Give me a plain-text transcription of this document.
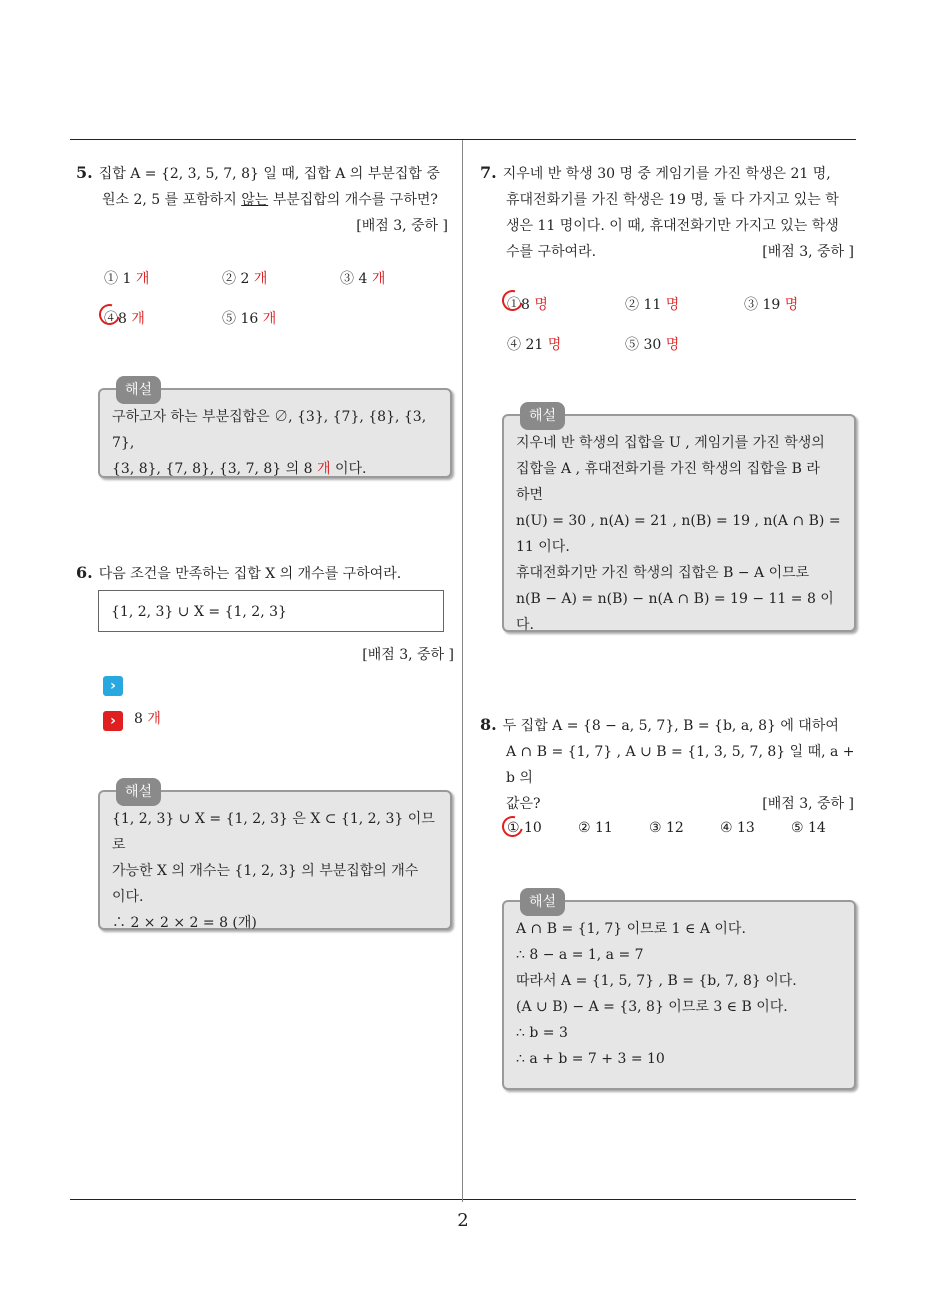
5. 집합 A = {2, 3, 5, 7, 8} 일 때, 집합 A 의 부분집합 중
원소 2, 5 를 포함하지 않는 부분집합의 개수를 구하면?
[배점 3, 중하 ]
① 1 개	② 2 개	③ 4 개
④8 개	⑤ 16 개
해설
구하고자 하는 부분집합은 ∅, {3}, {7}, {8}, {3, 7},
{3, 8}, {7, 8}, {3, 7, 8} 의 8 개 이다.
6. 다음 조건을 만족하는 집합 X 의 개수를 구하여라.
{1, 2, 3} ∪ X = {1, 2, 3}
[배점 3, 중하 ]
›
›	8 개
해설
{1, 2, 3} ∪ X = {1, 2, 3} 은 X ⊂ {1, 2, 3} 이므로
가능한 X 의 개수는 {1, 2, 3} 의 부분집합의 개수
이다.
∴ 2 × 2 × 2 = 8 (개)
7. 지우네 반 학생 30 명 중 게임기를 가진 학생은 21 명,
휴대전화기를 가진 학생은 19 명, 둘 다 가지고 있는 학
생은 11 명이다. 이 때, 휴대전화기만 가지고 있는 학생
수를 구하여라.	[배점 3, 중하 ]
①8 명	② 11 명	③ 19 명
④ 21 명	⑤ 30 명
해설
지우네 반 학생의 집합을 U , 게임기를 가진 학생의
집합을 A , 휴대전화기를 가진 학생의 집합을 B 라
하면
n(U) = 30 , n(A) = 21 , n(B) = 19 , n(A ∩ B) =
11 이다.
휴대전화기만 가진 학생의 집합은 B − A 이므로
n(B − A) = n(B) − n(A ∩ B) = 19 − 11 = 8 이다.
8. 두 집합 A = {8 − a, 5, 7}, B = {b, a, 8} 에 대하여
A ∩ B = {1, 7} , A ∪ B = {1, 3, 5, 7, 8} 일 때, a + b 의
값은?	[배점 3, 중하 ]
① 10	② 11	③ 12	④ 13	⑤ 14
해설
A ∩ B = {1, 7} 이므로 1 ∈ A 이다.
∴ 8 − a = 1, a = 7
따라서 A = {1, 5, 7} , B = {b, 7, 8} 이다.
(A ∪ B) − A = {3, 8} 이므로 3 ∈ B 이다.
∴ b = 3
∴ a + b = 7 + 3 = 10
2
